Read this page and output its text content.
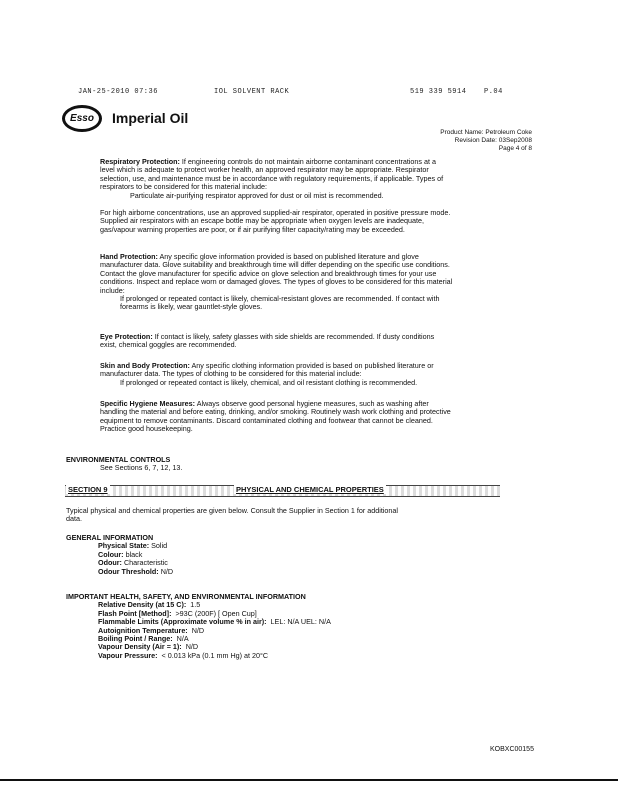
JAN-25-2010 07:36	IOL SOLVENT RACK	519 339 5914	P.04
Esso Imperial Oil
Product Name: Petroleum Coke
Revision Date: 03Sep2008
Page 4 of 8
Respiratory Protection: If engineering controls do not maintain airborne contaminant concentrations at a
level which is adequate to protect worker health, an approved respirator may be appropriate. Respirator
selection, use, and maintenance must be in accordance with regulatory requirements, if applicable. Types of
respirators to be considered for this material include:
Particulate air-purifying respirator approved for dust or oil mist is recommended.
For high airborne concentrations, use an approved supplied-air respirator, operated in positive pressure mode.
Supplied air respirators with an escape bottle may be appropriate when oxygen levels are inadequate,
gas/vapour warning properties are poor, or if air purifying filter capacity/rating may be exceeded.
Hand Protection: Any specific glove information provided is based on published literature and glove
manufacturer data. Glove suitability and breakthrough time will differ depending on the specific use conditions.
Contact the glove manufacturer for specific advice on glove selection and breakthrough times for your use
conditions. Inspect and replace worn or damaged gloves. The types of gloves to be considered for this material
include:
If prolonged or repeated contact is likely, chemical-resistant gloves are recommended. If contact with
forearms is likely, wear gauntlet-style gloves.
Eye Protection: If contact is likely, safety glasses with side shields are recommended. If dusty conditions
exist, chemical goggles are recommended.
Skin and Body Protection: Any specific clothing information provided is based on published literature or
manufacturer data. The types of clothing to be considered for this material include:
If prolonged or repeated contact is likely, chemical, and oil resistant clothing is recommended.
Specific Hygiene Measures: Always observe good personal hygiene measures, such as washing after
handling the material and before eating, drinking, and/or smoking. Routinely wash work clothing and protective
equipment to remove contaminants. Discard contaminated clothing and footwear that cannot be cleaned.
Practice good housekeeping.
ENVIRONMENTAL CONTROLS
See Sections 6, 7, 12, 13.
SECTION 9	PHYSICAL AND CHEMICAL PROPERTIES
Typical physical and chemical properties are given below. Consult the Supplier in Section 1 for additional
data.
GENERAL INFORMATION
Physical State: Solid
Colour: black
Odour: Characteristic
Odour Threshold: N/D
IMPORTANT HEALTH, SAFETY, AND ENVIRONMENTAL INFORMATION
Relative Density (at 15 C): 1.5
Flash Point [Method]: >93C (200F) [ Open Cup]
Flammable Limits (Approximate volume % in air): LEL: N/A UEL: N/A
Autoignition Temperature: N/D
Boiling Point / Range: N/A
Vapour Density (Air = 1): N/D
Vapour Pressure: < 0.013 kPa (0.1 mm Hg) at 20°C
KOBXC00155
